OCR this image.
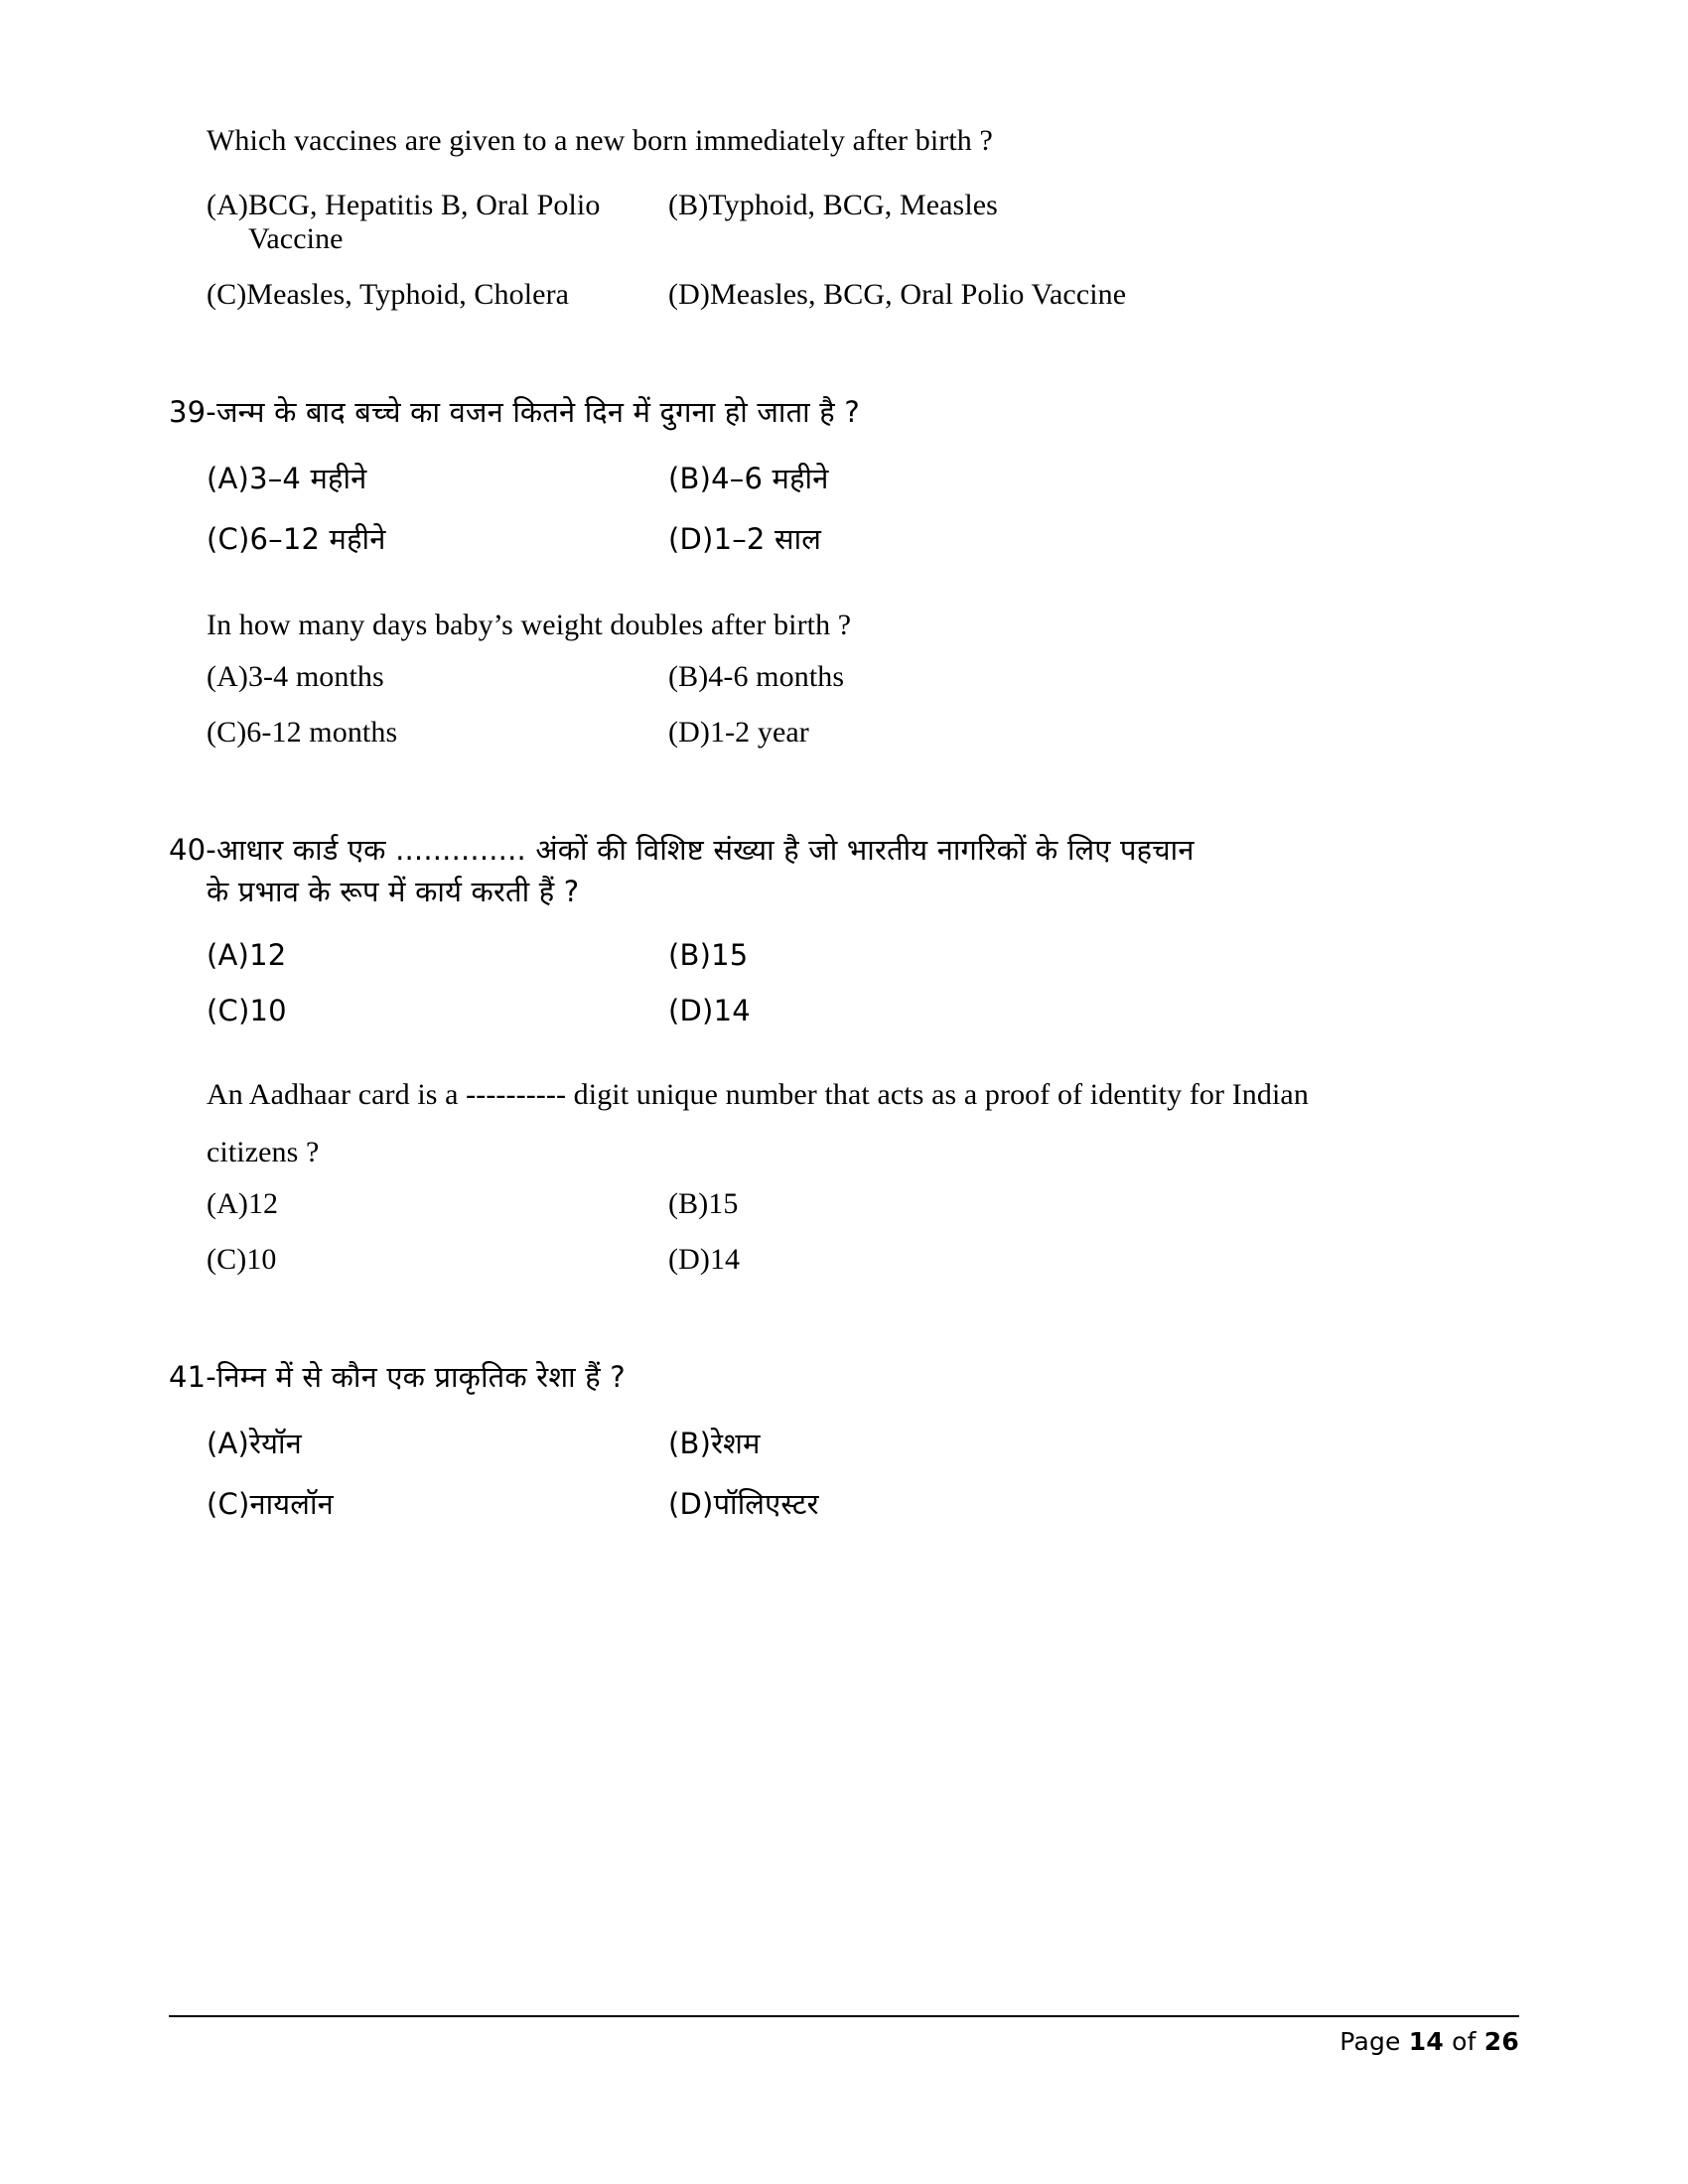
Which vaccines are given to a new born immediately after birth ?
(A) BCG, Hepatitis B, Oral Polio Vaccine
(B) Typhoid, BCG, Measles
(C) Measles, Typhoid, Cholera	(D) Measles, BCG, Oral Polio Vaccine
39- जन्म के बाद बच्चे का वजन कितने दिन में दुगना हो जाता है ?
(A) 3–4 महीने	(B) 4–6 महीने
(C) 6–12 महीने	(D) 1–2 साल
In how many days baby’s weight doubles after birth ?
(A) 3-4 months	(B) 4-6 months
(C) 6-12 months	(D) 1-2 year
40- आधार कार्ड एक .............. अंकों की विशिष्ट संख्या है जो भारतीय नागरिकों के लिए पहचान
के प्रभाव के रूप में कार्य करती हैं ?
(A) 12	(B) 15
(C) 10	(D) 14
An Aadhaar card is a ---------- digit unique number that acts as a proof of identity for Indian
citizens ?
(A) 12	(B) 15
(C) 10	(D) 14
41- निम्न में से कौन एक प्राकृतिक रेशा हैं ?
(A) रेयॉन	(B) रेशम
(C) नायलॉन	(D) पॉलिएस्टर
Page 14 of 26
